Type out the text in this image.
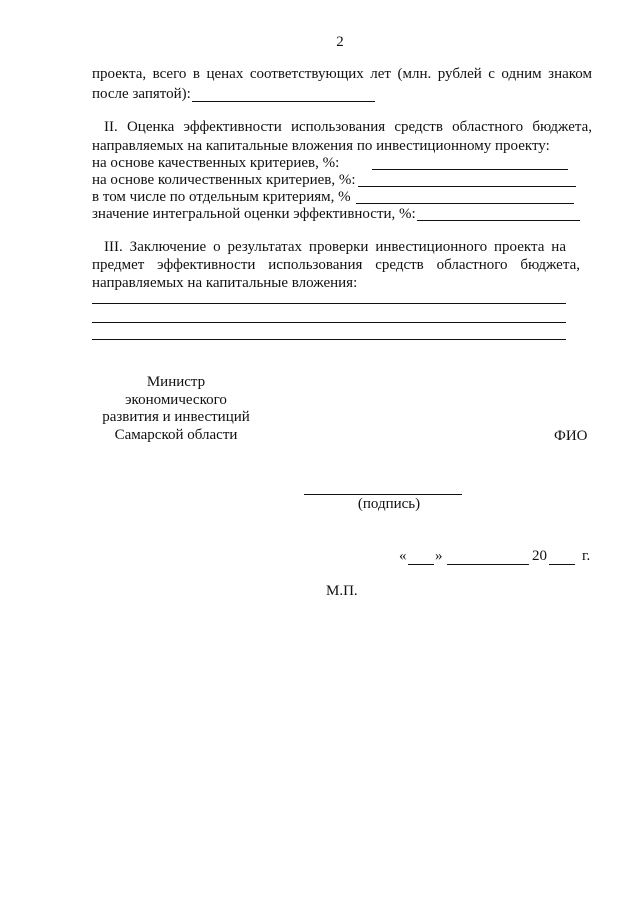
2
проекта, всего в ценах соответствующих лет (млн. рублей с одним знаком
после запятой):
II. Оценка эффективности использования средств областного бюджета,
направляемых на капитальные вложения по инвестиционному проекту:
на основе качественных критериев, %:
на основе количественных критериев, %:
в том числе по отдельным критериям, %
значение интегральной оценки эффективности, %:
III. Заключение о результатах проверки инвестиционного проекта на
предмет эффективности использования средств областного бюджета,
направляемых на капитальные вложения:
Министр
экономического
развития и инвестиций
Самарской области	ФИО
(подпись)
« »	20 г.
М.П.
